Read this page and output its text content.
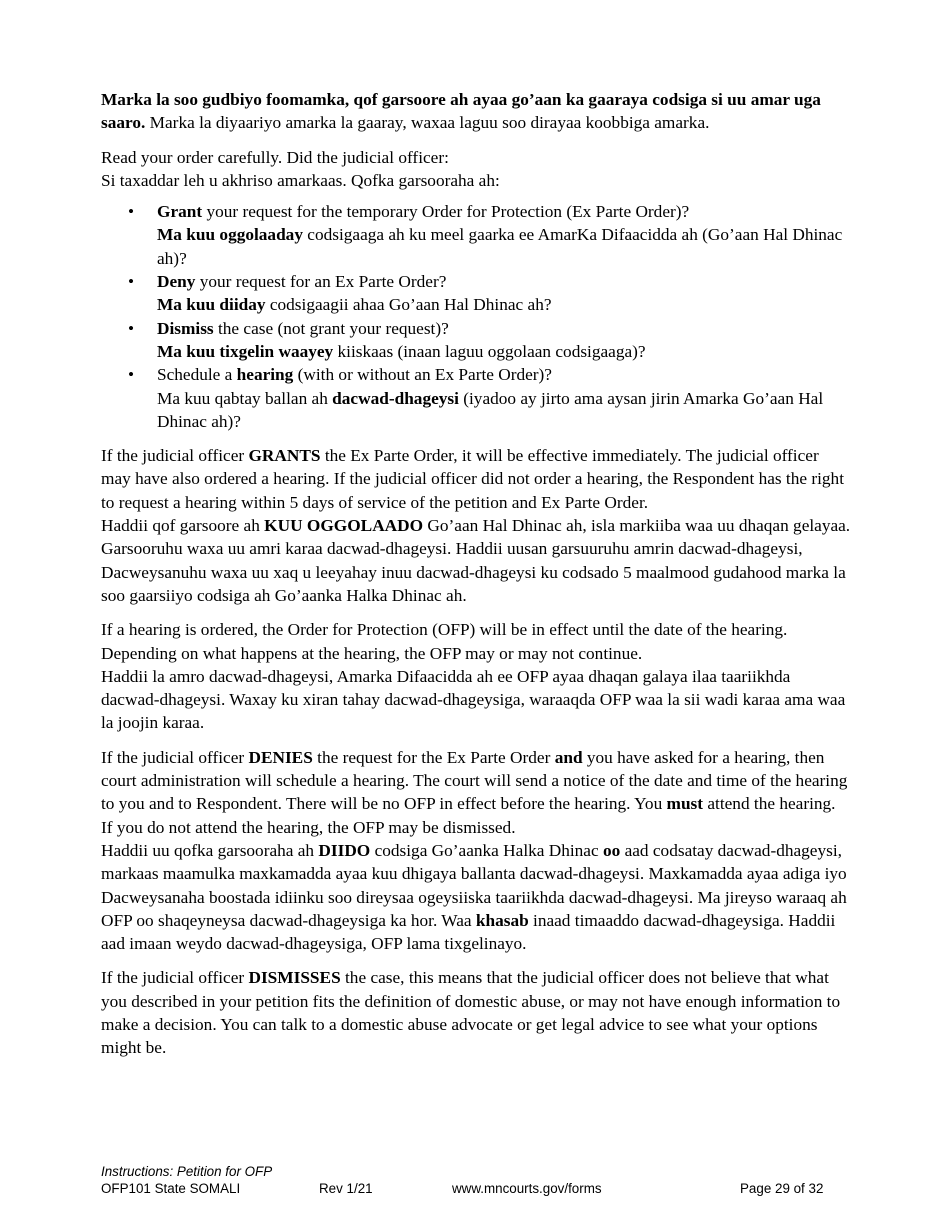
Marka la soo gudbiyo foomamka, qof garsoore ah ayaa go’aan ka gaaraya codsiga si uu amar uga saaro. Marka la diyaariyo amarka la gaaray, waxaa laguu soo dirayaa koobbiga amarka.

Read your order carefully. Did the judicial officer:
Si taxaddar leh u akhriso amarkaas. Qofka garsooraha ah:

• Grant your request for the temporary Order for Protection (Ex Parte Order)?
Ma kuu oggolaaday codsigaaga ah ku meel gaarka ee AmarKa Difaacidda ah (Go’aan Hal Dhinac ah)?
• Deny your request for an Ex Parte Order?
Ma kuu diiday codsigaagii ahaa Go’aan Hal Dhinac ah?
• Dismiss the case (not grant your request)?
Ma kuu tixgelin waayey kiiskaas (inaan laguu oggolaan codsigaaga)?
• Schedule a hearing (with or without an Ex Parte Order)?
Ma kuu qabtay ballan ah dacwad-dhageysi (iyadoo ay jirto ama aysan jirin Amarka Go’aan Hal Dhinac ah)?

If the judicial officer GRANTS the Ex Parte Order, it will be effective immediately. The judicial officer may have also ordered a hearing. If the judicial officer did not order a hearing, the Respondent has the right to request a hearing within 5 days of service of the petition and Ex Parte Order.
Haddii qof garsoore ah KUU OGGOLAADO Go’aan Hal Dhinac ah, isla markiiba waa uu dhaqan gelayaa. Garsooruhu waxa uu amri karaa dacwad-dhageysi. Haddii uusan garsuuruhu amrin dacwad-dhageysi, Dacweysanuhu waxa uu xaq u leeyahay inuu dacwad-dhageysi ku codsado 5 maalmood gudahood marka la soo gaarsiiyo codsiga ah Go’aanka Halka Dhinac ah.

If a hearing is ordered, the Order for Protection (OFP) will be in effect until the date of the hearing. Depending on what happens at the hearing, the OFP may or may not continue.
Haddii la amro dacwad-dhageysi, Amarka Difaacidda ah ee OFP ayaa dhaqan galaya ilaa taariikhda dacwad-dhageysi. Waxay ku xiran tahay dacwad-dhageysiga, waraaqda OFP waa la sii wadi karaa ama waa la joojin karaa.

If the judicial officer DENIES the request for the Ex Parte Order and you have asked for a hearing, then court administration will schedule a hearing. The court will send a notice of the date and time of the hearing to you and to Respondent. There will be no OFP in effect before the hearing. You must attend the hearing. If you do not attend the hearing, the OFP may be dismissed.
Haddii uu qofka garsooraha ah DIIDO codsiga Go’aanka Halka Dhinac oo aad codsatay dacwad-dhageysi, markaas maamulka maxkamadda ayaa kuu dhigaya ballanta dacwad-dhageysi. Maxkamadda ayaa adiga iyo Dacweysanaha boostada idiinku soo direysaa ogeysiiska taariikhda dacwad-dhageysi. Ma jireyso waraaq ah OFP oo shaqeyneysa dacwad-dhageysiga ka hor. Waa khasab inaad timaaddo dacwad-dhageysiga. Haddii aad imaan weydo dacwad-dhageysiga, OFP lama tixgelinayo.

If the judicial officer DISMISSES the case, this means that the judicial officer does not believe that what you described in your petition fits the definition of domestic abuse, or may not have enough information to make a decision. You can talk to a domestic abuse advocate or get legal advice to see what your options might be.

Instructions: Petition for OFP
OFP101 State SOMALI	Rev 1/21	www.mncourts.gov/forms	Page 29 of 32
